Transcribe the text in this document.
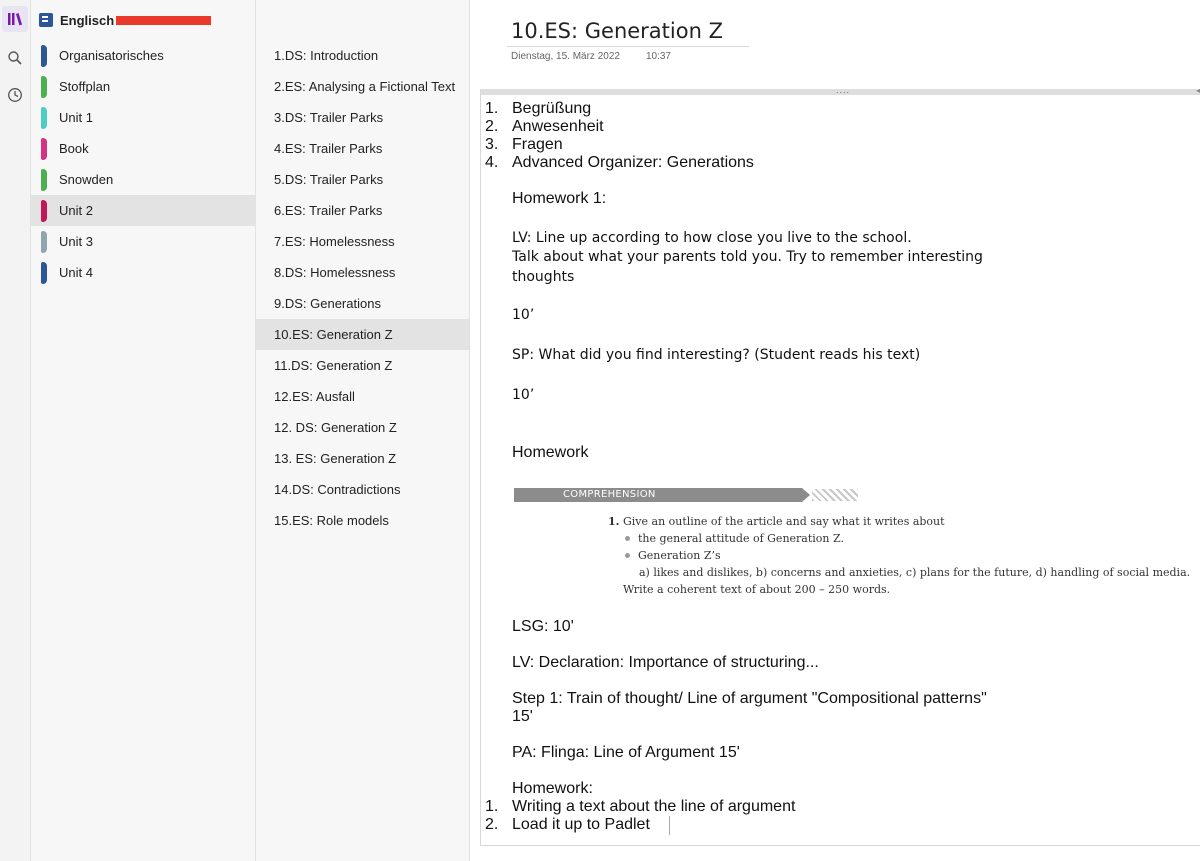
Englisch
Organisatorisches
Stoffplan
Unit 1
Book
Snowden
Unit 2
Unit 3
Unit 4
1.DS: Introduction
2.ES: Analysing a Fictional Text
3.DS: Trailer Parks
4.ES: Trailer Parks
5.DS: Trailer Parks
6.ES: Trailer Parks
7.ES: Homelessness
8.DS: Homelessness
9.DS: Generations
10.ES: Generation Z
11.DS: Generation Z
12.ES: Ausfall
12. DS: Generation Z
13. ES: Generation Z
14.DS: Contradictions
15.ES: Role models
10.ES: Generation Z
Dienstag, 15. März 2022	10:37
....	◂
1. Begrüßung
2. Anwesenheit
3. Fragen
4. Advanced Organizer: Generations
Homework 1:
LV: Line up according to how close you live to the school.
Talk about what your parents told you. Try to remember interesting
thoughts
10’
SP: What did you find interesting? (Student reads his text)
10’
Homework
COMPREHENSION
1. Give an outline of the article and say what it writes about
the general attitude of Generation Z.
Generation Z’s
a) likes and dislikes, b) concerns and anxieties, c) plans for the future, d) handling of social media.
Write a coherent text of about 200 – 250 words.
LSG: 10'
LV: Declaration: Importance of structuring...
Step 1: Train of thought/ Line of argument "Compositional patterns"
15'
PA: Flinga: Line of Argument 15'
Homework:
1. Writing a text about the line of argument
2. Load it up to Padlet
